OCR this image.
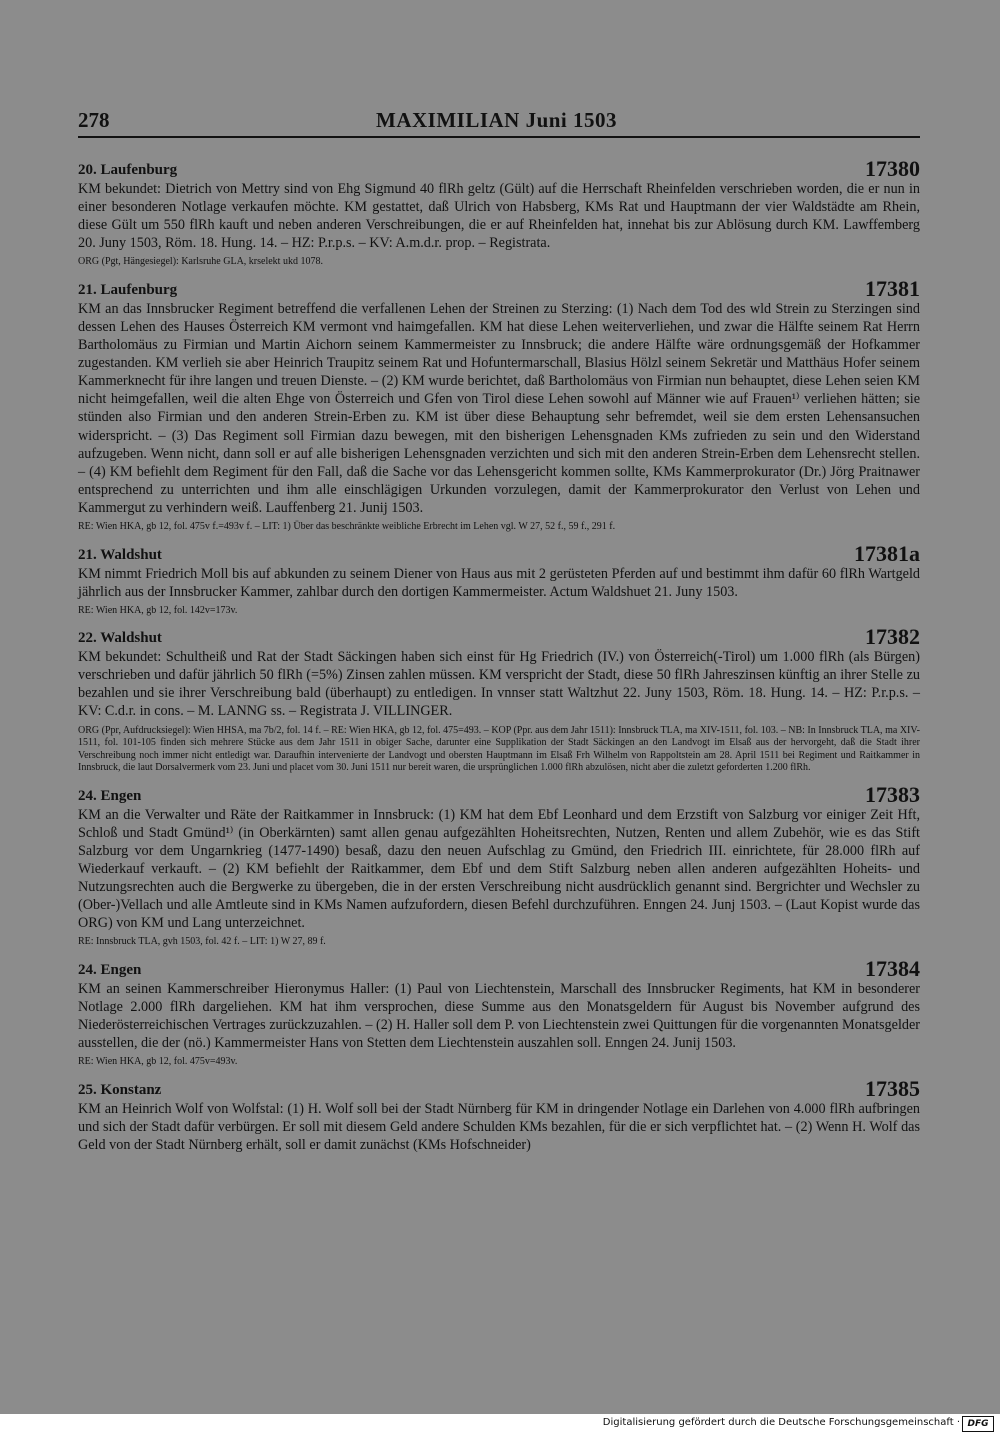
278	MAXIMILIAN Juni 1503
20. Laufenburg	17380
KM bekundet: Dietrich von Mettry sind von Ehg Sigmund 40 flRh geltz (Gült) auf die Herrschaft Rheinfelden verschrieben worden, die er nun in einer besonderen Notlage verkaufen möchte. KM gestattet, daß Ulrich von Habsberg, KMs Rat und Hauptmann der vier Waldstädte am Rhein, diese Gült um 550 flRh kauft und neben anderen Verschreibungen, die er auf Rheinfelden hat, innehat bis zur Ablösung durch KM. Lawffemberg 20. Juny 1503, Röm. 18. Hung. 14. – HZ: P.r.p.s. – KV: A.m.d.r. prop. – Registrata.
ORG (Pgt, Hängesiegel): Karlsruhe GLA, krselekt ukd 1078.
21. Laufenburg	17381
KM an das Innsbrucker Regiment betreffend die verfallenen Lehen der Streinen zu Sterzing: (1) Nach dem Tod des wld Strein zu Sterzingen sind dessen Lehen des Hauses Österreich KM vermont vnd haimgefallen. KM hat diese Lehen weiterverliehen, und zwar die Hälfte seinem Rat Herrn Bartholomäus zu Firmian und Martin Aichorn seinem Kammermeister zu Innsbruck; die andere Hälfte wäre ordnungsgemäß der Hofkammer zugestanden. KM verlieh sie aber Heinrich Traupitz seinem Rat und Hofuntermarschall, Blasius Hölzl seinem Sekretär und Matthäus Hofer seinem Kammerknecht für ihre langen und treuen Dienste. – (2) KM wurde berichtet, daß Bartholomäus von Firmian nun behauptet, diese Lehen seien KM nicht heimgefallen, weil die alten Ehge von Österreich und Gfen von Tirol diese Lehen sowohl auf Männer wie auf Frauen¹⁾ verliehen hätten; sie stünden also Firmian und den anderen Strein-Erben zu. KM ist über diese Behauptung sehr befremdet, weil sie dem ersten Lehensansuchen widerspricht. – (3) Das Regiment soll Firmian dazu bewegen, mit den bisherigen Lehensgnaden KMs zufrieden zu sein und den Widerstand aufzugeben. Wenn nicht, dann soll er auf alle bisherigen Lehensgnaden verzichten und sich mit den anderen Strein-Erben dem Lehensrecht stellen. – (4) KM befiehlt dem Regiment für den Fall, daß die Sache vor das Lehensgericht kommen sollte, KMs Kammerprokurator (Dr.) Jörg Praitnawer entsprechend zu unterrichten und ihm alle einschlägigen Urkunden vorzulegen, damit der Kammerprokurator den Verlust von Lehen und Kammergut zu verhindern weiß. Lauffenberg 21. Junij 1503.
RE: Wien HKA, gb 12, fol. 475v f.=493v f. – LIT: 1) Über das beschränkte weibliche Erbrecht im Lehen vgl. W 27, 52 f., 59 f., 291 f.
21. Waldshut	17381a
KM nimmt Friedrich Moll bis auf abkunden zu seinem Diener von Haus aus mit 2 gerüsteten Pferden auf und bestimmt ihm dafür 60 flRh Wartgeld jährlich aus der Innsbrucker Kammer, zahlbar durch den dortigen Kammermeister. Actum Waldshuet 21. Juny 1503.
RE: Wien HKA, gb 12, fol. 142v=173v.
22. Waldshut	17382
KM bekundet: Schultheiß und Rat der Stadt Säckingen haben sich einst für Hg Friedrich (IV.) von Österreich(-Tirol) um 1.000 flRh (als Bürgen) verschrieben und dafür jährlich 50 flRh (=5%) Zinsen zahlen müssen. KM verspricht der Stadt, diese 50 flRh Jahreszinsen künftig an ihrer Stelle zu bezahlen und sie ihrer Verschreibung bald (überhaupt) zu entledigen. In vnnser statt Waltzhut 22. Juny 1503, Röm. 18. Hung. 14. – HZ: P.r.p.s. – KV: C.d.r. in cons. – M. LANNG ss. – Registrata J. VILLINGER.
ORG (Ppr, Aufdrucksiegel): Wien HHSA, ma 7b/2, fol. 14 f. – RE: Wien HKA, gb 12, fol. 475=493. – KOP (Ppr. aus dem Jahr 1511): Innsbruck TLA, ma XIV-1511, fol. 103. – NB: In Innsbruck TLA, ma XIV-1511, fol. 101-105 finden sich mehrere Stücke aus dem Jahr 1511 in obiger Sache, darunter eine Supplikation der Stadt Säckingen an den Landvogt im Elsaß aus der hervorgeht, daß die Stadt ihrer Verschreibung noch immer nicht entledigt war. Daraufhin intervenierte der Landvogt und obersten Hauptmann im Elsaß Frh Wilhelm von Rappoltstein am 28. April 1511 bei Regiment und Raitkammer in Innsbruck, die laut Dorsalvermerk vom 23. Juni und placet vom 30. Juni 1511 nur bereit waren, die ursprünglichen 1.000 flRh abzulösen, nicht aber die zuletzt geforderten 1.200 flRh.
24. Engen	17383
KM an die Verwalter und Räte der Raitkammer in Innsbruck: (1) KM hat dem Ebf Leonhard und dem Erzstift von Salzburg vor einiger Zeit Hft, Schloß und Stadt Gmünd¹⁾ (in Oberkärnten) samt allen genau aufgezählten Hoheitsrechten, Nutzen, Renten und allem Zubehör, wie es das Stift Salzburg vor dem Ungarnkrieg (1477-1490) besaß, dazu den neuen Aufschlag zu Gmünd, den Friedrich III. einrichtete, für 28.000 flRh auf Wiederkauf verkauft. – (2) KM befiehlt der Raitkammer, dem Ebf und dem Stift Salzburg neben allen anderen aufgezählten Hoheits- und Nutzungsrechten auch die Bergwerke zu übergeben, die in der ersten Verschreibung nicht ausdrücklich genannt sind. Bergrichter und Wechsler zu (Ober-)Vellach und alle Amtleute sind in KMs Namen aufzufordern, diesen Befehl durchzuführen. Enngen 24. Junj 1503. – (Laut Kopist wurde das ORG) von KM und Lang unterzeichnet.
RE: Innsbruck TLA, gvh 1503, fol. 42 f. – LIT: 1) W 27, 89 f.
24. Engen	17384
KM an seinen Kammerschreiber Hieronymus Haller: (1) Paul von Liechtenstein, Marschall des Innsbrucker Regiments, hat KM in besonderer Notlage 2.000 flRh dargeliehen. KM hat ihm versprochen, diese Summe aus den Monatsgeldern für August bis November aufgrund des Niederösterreichischen Vertrages zurückzuzahlen. – (2) H. Haller soll dem P. von Liechtenstein zwei Quittungen für die vorgenannten Monatsgelder ausstellen, die der (nö.) Kammermeister Hans von Stetten dem Liechtenstein auszahlen soll. Enngen 24. Junij 1503.
RE: Wien HKA, gb 12, fol. 475v=493v.
25. Konstanz	17385
KM an Heinrich Wolf von Wolfstal: (1) H. Wolf soll bei der Stadt Nürnberg für KM in dringender Notlage ein Darlehen von 4.000 flRh aufbringen und sich der Stadt dafür verbürgen. Er soll mit diesem Geld andere Schulden KMs bezahlen, für die er sich verpflichtet hat. – (2) Wenn H. Wolf das Geld von der Stadt Nürnberg erhält, soll er damit zunächst (KMs Hofschneider)
Digitalisierung gefördert durch die Deutsche Forschungsgemeinschaft · DFG
